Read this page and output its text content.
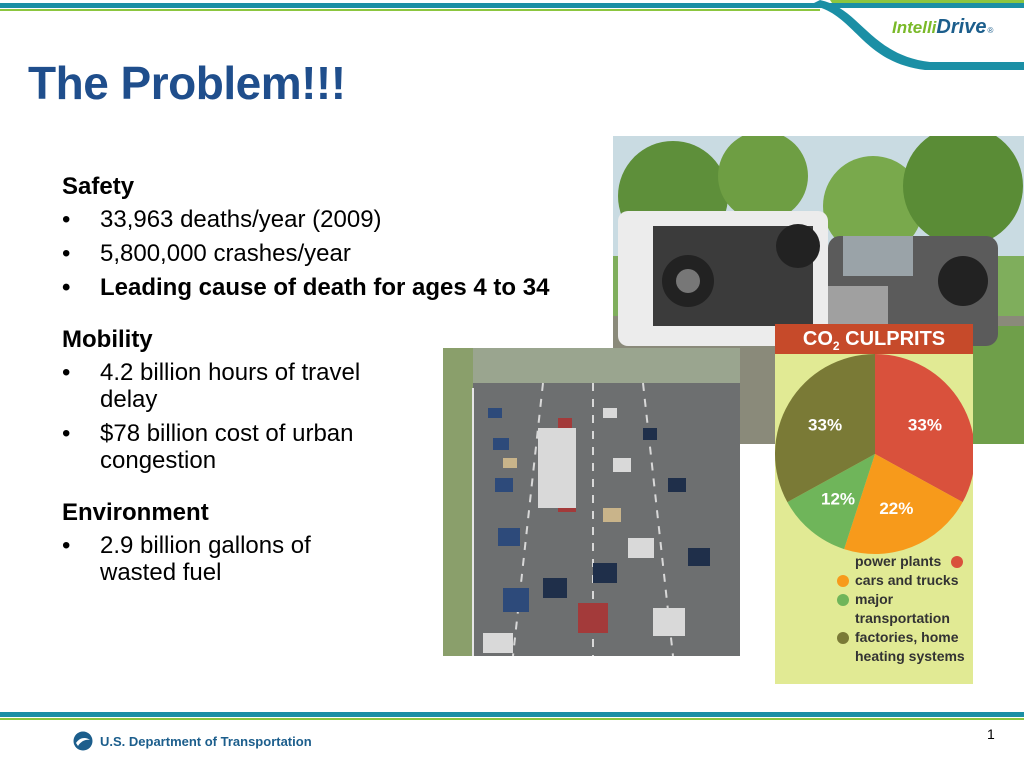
Intelli Drive ®
The Problem!!!
Safety
• 33,963 deaths/year (2009)
• 5,800,000 crashes/year
• Leading cause of death for ages 4 to 34
Mobility
• 4.2 billion hours of travel delay
• $78 billion cost of urban congestion
Environment
• 2.9 billion gallons of wasted fuel
$CO_2$ CULPRITS
33%
22%
12%
33%
power plants
cars and trucks
major
transportation
factories, home
heating systems
U.S. Department of Transportation	1
